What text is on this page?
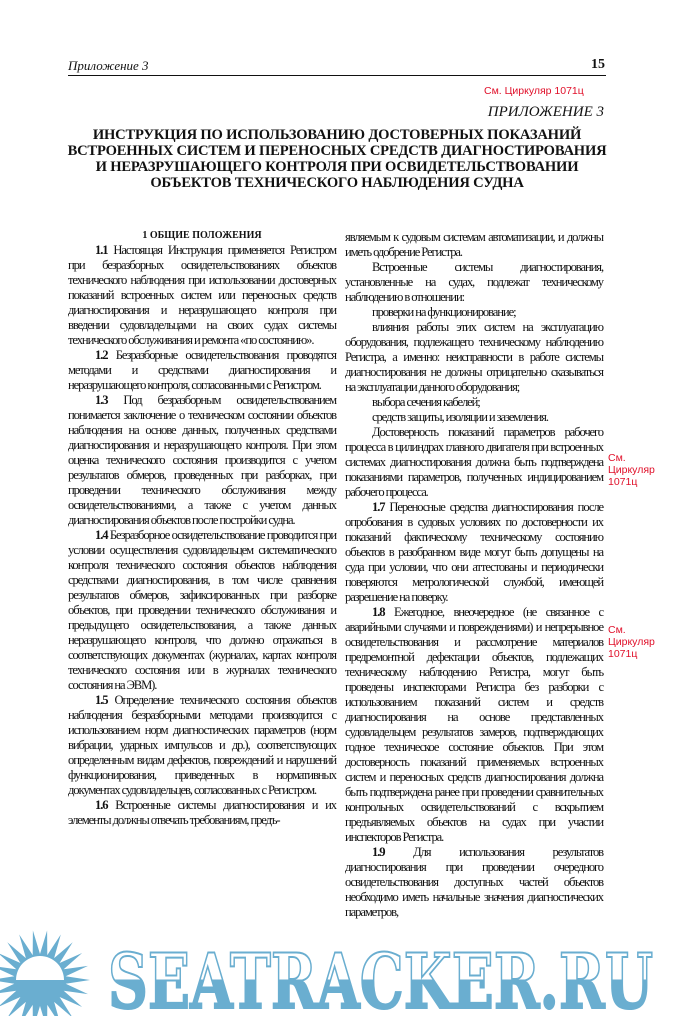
Приложение 3	15
См. Циркуляр 1071ц
См. Циркуляр 1071ц
См. Циркуляр 1071ц
ПРИЛОЖЕНИЕ 3
ИНСТРУКЦИЯ ПО ИСПОЛЬЗОВАНИЮ ДОСТОВЕРНЫХ ПОКАЗАНИЙ
ВСТРОЕННЫХ СИСТЕМ И ПЕРЕНОСНЫХ СРЕДСТВ ДИАГНОСТИРОВАНИЯ
И НЕРАЗРУШАЮЩЕГО КОНТРОЛЯ ПРИ ОСВИДЕТЕЛЬСТВОВАНИИ
ОБЪЕКТОВ ТЕХНИЧЕСКОГО НАБЛЮДЕНИЯ СУДНА

1 ОБЩИЕ ПОЛОЖЕНИЯ

1.1 Настоящая Инструкция применяется Регистром при безразборных освидетельствованиях объектов технического наблюдения при использовании достоверных показаний встроенных систем или переносных средств диагностирования и неразрушающего контроля при введении судовладельцами на своих судах системы технического обслуживания и ремонта «по состоянию».

1.2 Безразборные освидетельствования проводятся методами и средствами диагностирования и неразрушающего контроля, согласованными с Регистром.

1.3 Под безразборным освидетельствованием понимается заключение о техническом состоянии объектов наблюдения на основе данных, полученных средствами диагностирования и неразрушающего контроля. При этом оценка технического состояния производится с учетом результатов обмеров, проведенных при разборках, при проведении технического обслуживания между освидетельствованиями, а также с учетом данных диагностирования объектов после постройки судна.

1.4 Безразборное освидетельствование проводится при условии осуществления судовладельцем систематического контроля технического состояния объектов наблюдения средствами диагностирования, в том числе сравнения результатов обмеров, зафиксированных при разборке объектов, при проведении технического обслуживания и предыдущего освидетельствования, а также данных неразрушающего контроля, что должно отражаться в соответствующих документах (журналах, картах контроля технического состояния или в журналах технического состояния на ЭВМ).

1.5 Определение технического состояния объектов наблюдения безразборными методами производится с использованием норм диагностических параметров (норм вибрации, ударных импульсов и др.), соответствующих определенным видам дефектов, повреждений и нарушений функционирования, приведенных в нормативных документах судовладельцев, согласованных с Регистром.

1.6 Встроенные системы диагностирования и их элементы должны отвечать требованиям, предъ-

являемым к судовым системам автоматизации, и должны иметь одобрение Регистра.

Встроенные системы диагностирования, установленные на судах, подлежат техническому наблюдению в отношении:

проверки на функционирование;

влияния работы этих систем на эксплуатацию оборудования, подлежащего техническому наблюдению Регистра, а именно: неисправности в работе системы диагностирования не должны отрицательно сказываться на эксплуатации данного оборудования;

выбора сечения кабелей;

средств защиты, изоляции и заземления.

Достоверность показаний параметров рабочего процесса в цилиндрах главного двигателя при встроенных системах диагностирования должна быть подтверждена показаниями параметров, полученных индицированием рабочего процесса.

1.7 Переносные средства диагностирования после опробования в судовых условиях по достоверности их показаний фактическому техническому состоянию объектов в разобранном виде могут быть допущены на суда при условии, что они аттестованы и периодически поверяются метрологической службой, имеющей разрешение на поверку.

1.8 Ежегодное, внеочередное (не связанное с аварийными случаями и повреждениями) и непрерывное освидетельствования и рассмотрение материалов предремонтной дефектации объектов, подлежащих техническому наблюдению Регистра, могут быть проведены инспекторами Регистра без разборки с использованием показаний систем и средств диагностирования на основе представленных судовладельцем результатов замеров, подтверждающих годное техническое состояние объектов. При этом достоверность показаний применяемых встроенных систем и переносных средств диагностирования должна быть подтверждена ранее при проведении сравнительных контрольных освидетельствований с вскрытием предъявляемых объектов на судах при участии инспекторов Регистра.

1.9 Для использования результатов диагностирования при проведении очередного освидетельствования доступных частей объектов необходимо иметь начальные значения диагностических параметров,

SEATRACKER.RU
